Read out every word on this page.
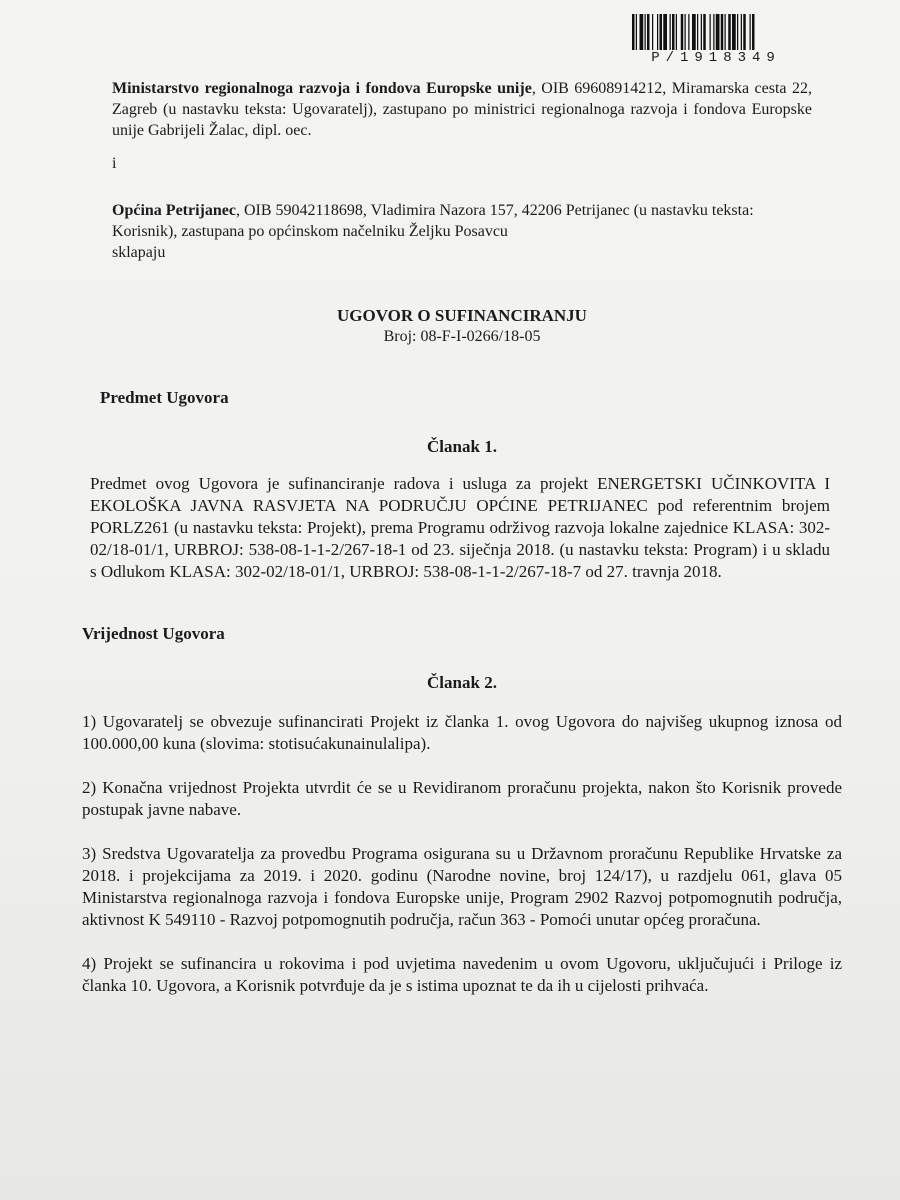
P/1918349

Ministarstvo regionalnoga razvoja i fondova Europske unije, OIB 69608914212, Miramarska cesta 22, Zagreb (u nastavku teksta: Ugovaratelj), zastupano po ministrici regionalnoga razvoja i fondova Europske unije Gabrijeli Žalac, dipl. oec.

i

Općina Petrijanec, OIB 59042118698, Vladimira Nazora 157, 42206 Petrijanec (u nastavku teksta: Korisnik), zastupana po općinskom načelniku Željku Posavcu

sklapaju

UGOVOR O SUFINANCIRANJU

Broj: 08-F-I-0266/18-05

Predmet Ugovora

Članak 1.

Predmet ovog Ugovora je sufinanciranje radova i usluga za projekt ENERGETSKI UČINKOVITA I EKOLOŠKA JAVNA RASVJETA NA PODRUČJU OPĆINE PETRIJANEC pod referentnim brojem PORLZ261 (u nastavku teksta: Projekt), prema Programu održivog razvoja lokalne zajednice KLASA: 302-02/18-01/1, URBROJ: 538-08-1-1-2/267-18-1 od 23. siječnja 2018. (u nastavku teksta: Program) i u skladu s Odlukom KLASA: 302-02/18-01/1, URBROJ: 538-08-1-1-2/267-18-7 od 27. travnja 2018.

Vrijednost Ugovora

Članak 2.

1) Ugovaratelj se obvezuje sufinancirati Projekt iz članka 1. ovog Ugovora do najvišeg ukupnog iznosa od 100.000,00 kuna (slovima: stotisućakunainulalipa).

2) Konačna vrijednost Projekta utvrdit će se u Revidiranom proračunu projekta, nakon što Korisnik provede postupak javne nabave.

3) Sredstva Ugovaratelja za provedbu Programa osigurana su u Državnom proračunu Republike Hrvatske za 2018. i projekcijama za 2019. i 2020. godinu (Narodne novine, broj 124/17), u razdjelu 061, glava 05 Ministarstva regionalnoga razvoja i fondova Europske unije, Program 2902 Razvoj potpomognutih područja, aktivnost K 549110 - Razvoj potpomognutih područja, račun 363 - Pomoći unutar općeg proračuna.

4) Projekt se sufinancira u rokovima i pod uvjetima navedenim u ovom Ugovoru, uključujući i Priloge iz članka 10. Ugovora, a Korisnik potvrđuje da je s istima upoznat te da ih u cijelosti prihvaća.
